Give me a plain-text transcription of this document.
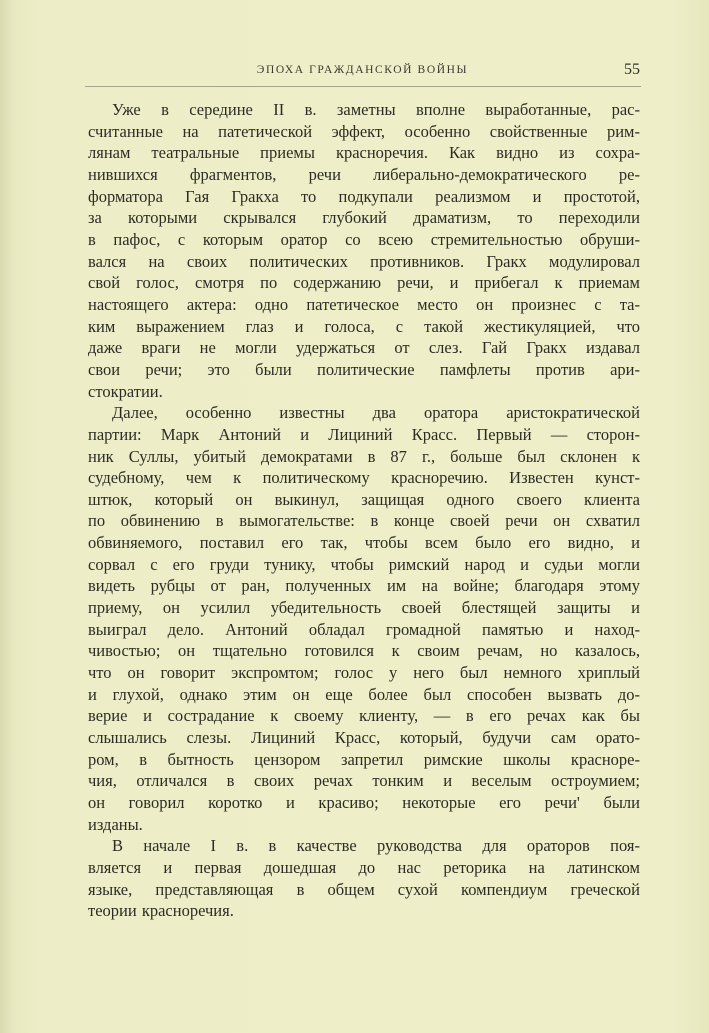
ЭПОХА ГРАЖДАНСКОЙ ВОЙНЫ	55
Уже в середине II в. заметны вполне выработанные, рас-
считанные на патетической эффект, особенно свойственные рим-
лянам театральные приемы красноречия. Как видно из сохра-
нившихся фрагментов, речи либерально-демократического ре-
форматора Гая Гракха то подкупали реализмом и простотой,
за которыми скрывался глубокий драматизм, то переходили
в пафос, с которым оратор со всею стремительностью обруши-
вался на своих политических противников. Гракх модулировал
свой голос, смотря по содержанию речи, и прибегал к приемам
настоящего актера: одно патетическое место он произнес с та-
ким выражением глаз и голоса, с такой жестикуляцией, что
даже враги не могли удержаться от слез. Гай Гракх издавал
свои речи; это были политические памфлеты против ари-
стократии.
Далее, особенно известны два оратора аристократической
партии: Марк Антоний и Лициний Красс. Первый — сторон-
ник Суллы, убитый демократами в 87 г., больше был склонен к
судебному, чем к политическому красноречию. Известен кунст-
штюк, который он выкинул, защищая одного своего клиента
по обвинению в вымогательстве: в конце своей речи он схватил
обвиняемого, поставил его так, чтобы всем было его видно, и
сорвал с его груди тунику, чтобы римский народ и судьи могли
видеть рубцы от ран, полученных им на войне; благодаря этому
приему, он усилил убедительность своей блестящей защиты и
выиграл дело. Антоний обладал громадной памятью и наход-
чивостью; он тщательно готовился к своим речам, но казалось,
что он говорит экспромтом; голос у него был немного хриплый
и глухой, однако этим он еще более был способен вызвать до-
верие и сострадание к своему клиенту, — в его речах как бы
слышались слезы. Лициний Красс, который, будучи сам орато-
ром, в бытность цензором запретил римские школы красноре-
чия, отличался в своих речах тонким и веселым остроумием;
он говорил коротко и красиво; некоторые его речи' были
изданы.
В начале I в. в качестве руководства для ораторов поя-
вляется и первая дошедшая до нас реторика на латинском
языке, представляющая в общем сухой компендиум греческой
теории красноречия.
